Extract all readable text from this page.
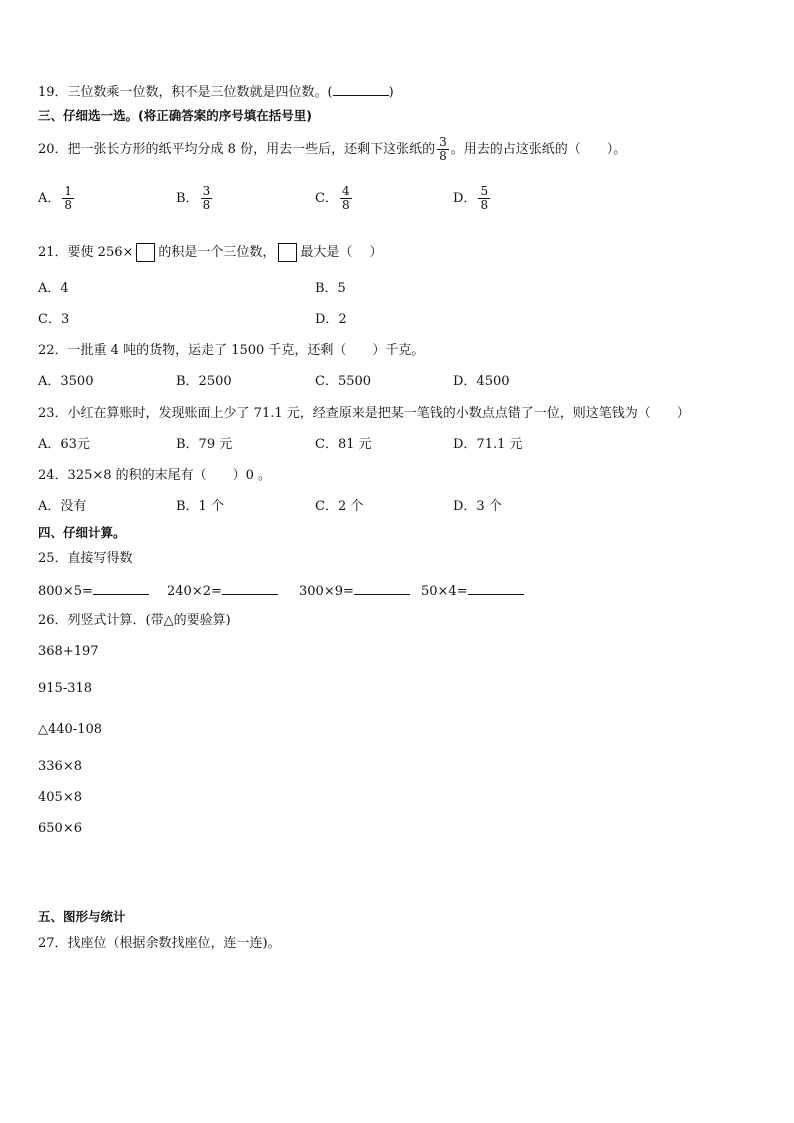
19．三位数乘一位数，积不是三位数就是四位数。(	)
三、仔细选一选。(将正确答案的序号填在括号里)
20．把一张长方形的纸平均分成 8 份，用去一些后，还剩下这张纸的 $\frac{3}{8}$ 。用去的占这张纸的（　　）。
A． $\frac{1}{8}$	B． $\frac{3}{8}$	C． $\frac{4}{8}$	D． $\frac{5}{8}$
21．要使 256× 的积是一个三位数， 最大是（　 ）
A．4	B．5
C．3	D．2
22．一批重 4 吨的货物，运走了 1500 千克，还剩（　　）千克。
A．3500	B．2500	C．5500	D．4500
23．小红在算账时，发现账面上少了 71.1 元，经查原来是把某一笔钱的小数点点错了一位，则这笔钱为（　　）
A．63元	B．79 元	C．81 元	D．71.1 元
24．325×8 的积的末尾有（　　）0 。
A．没有	B．1 个	C．2 个	D．3 个
四、仔细计算。
25．直接写得数
800×5=	240×2=	300×9=	50×4=
26．列竖式计算．(带△的要验算)
368+197
915-318
△440-108
336×8
405×8
650×6
五、图形与统计
27．找座位（根据余数找座位，连一连)。
